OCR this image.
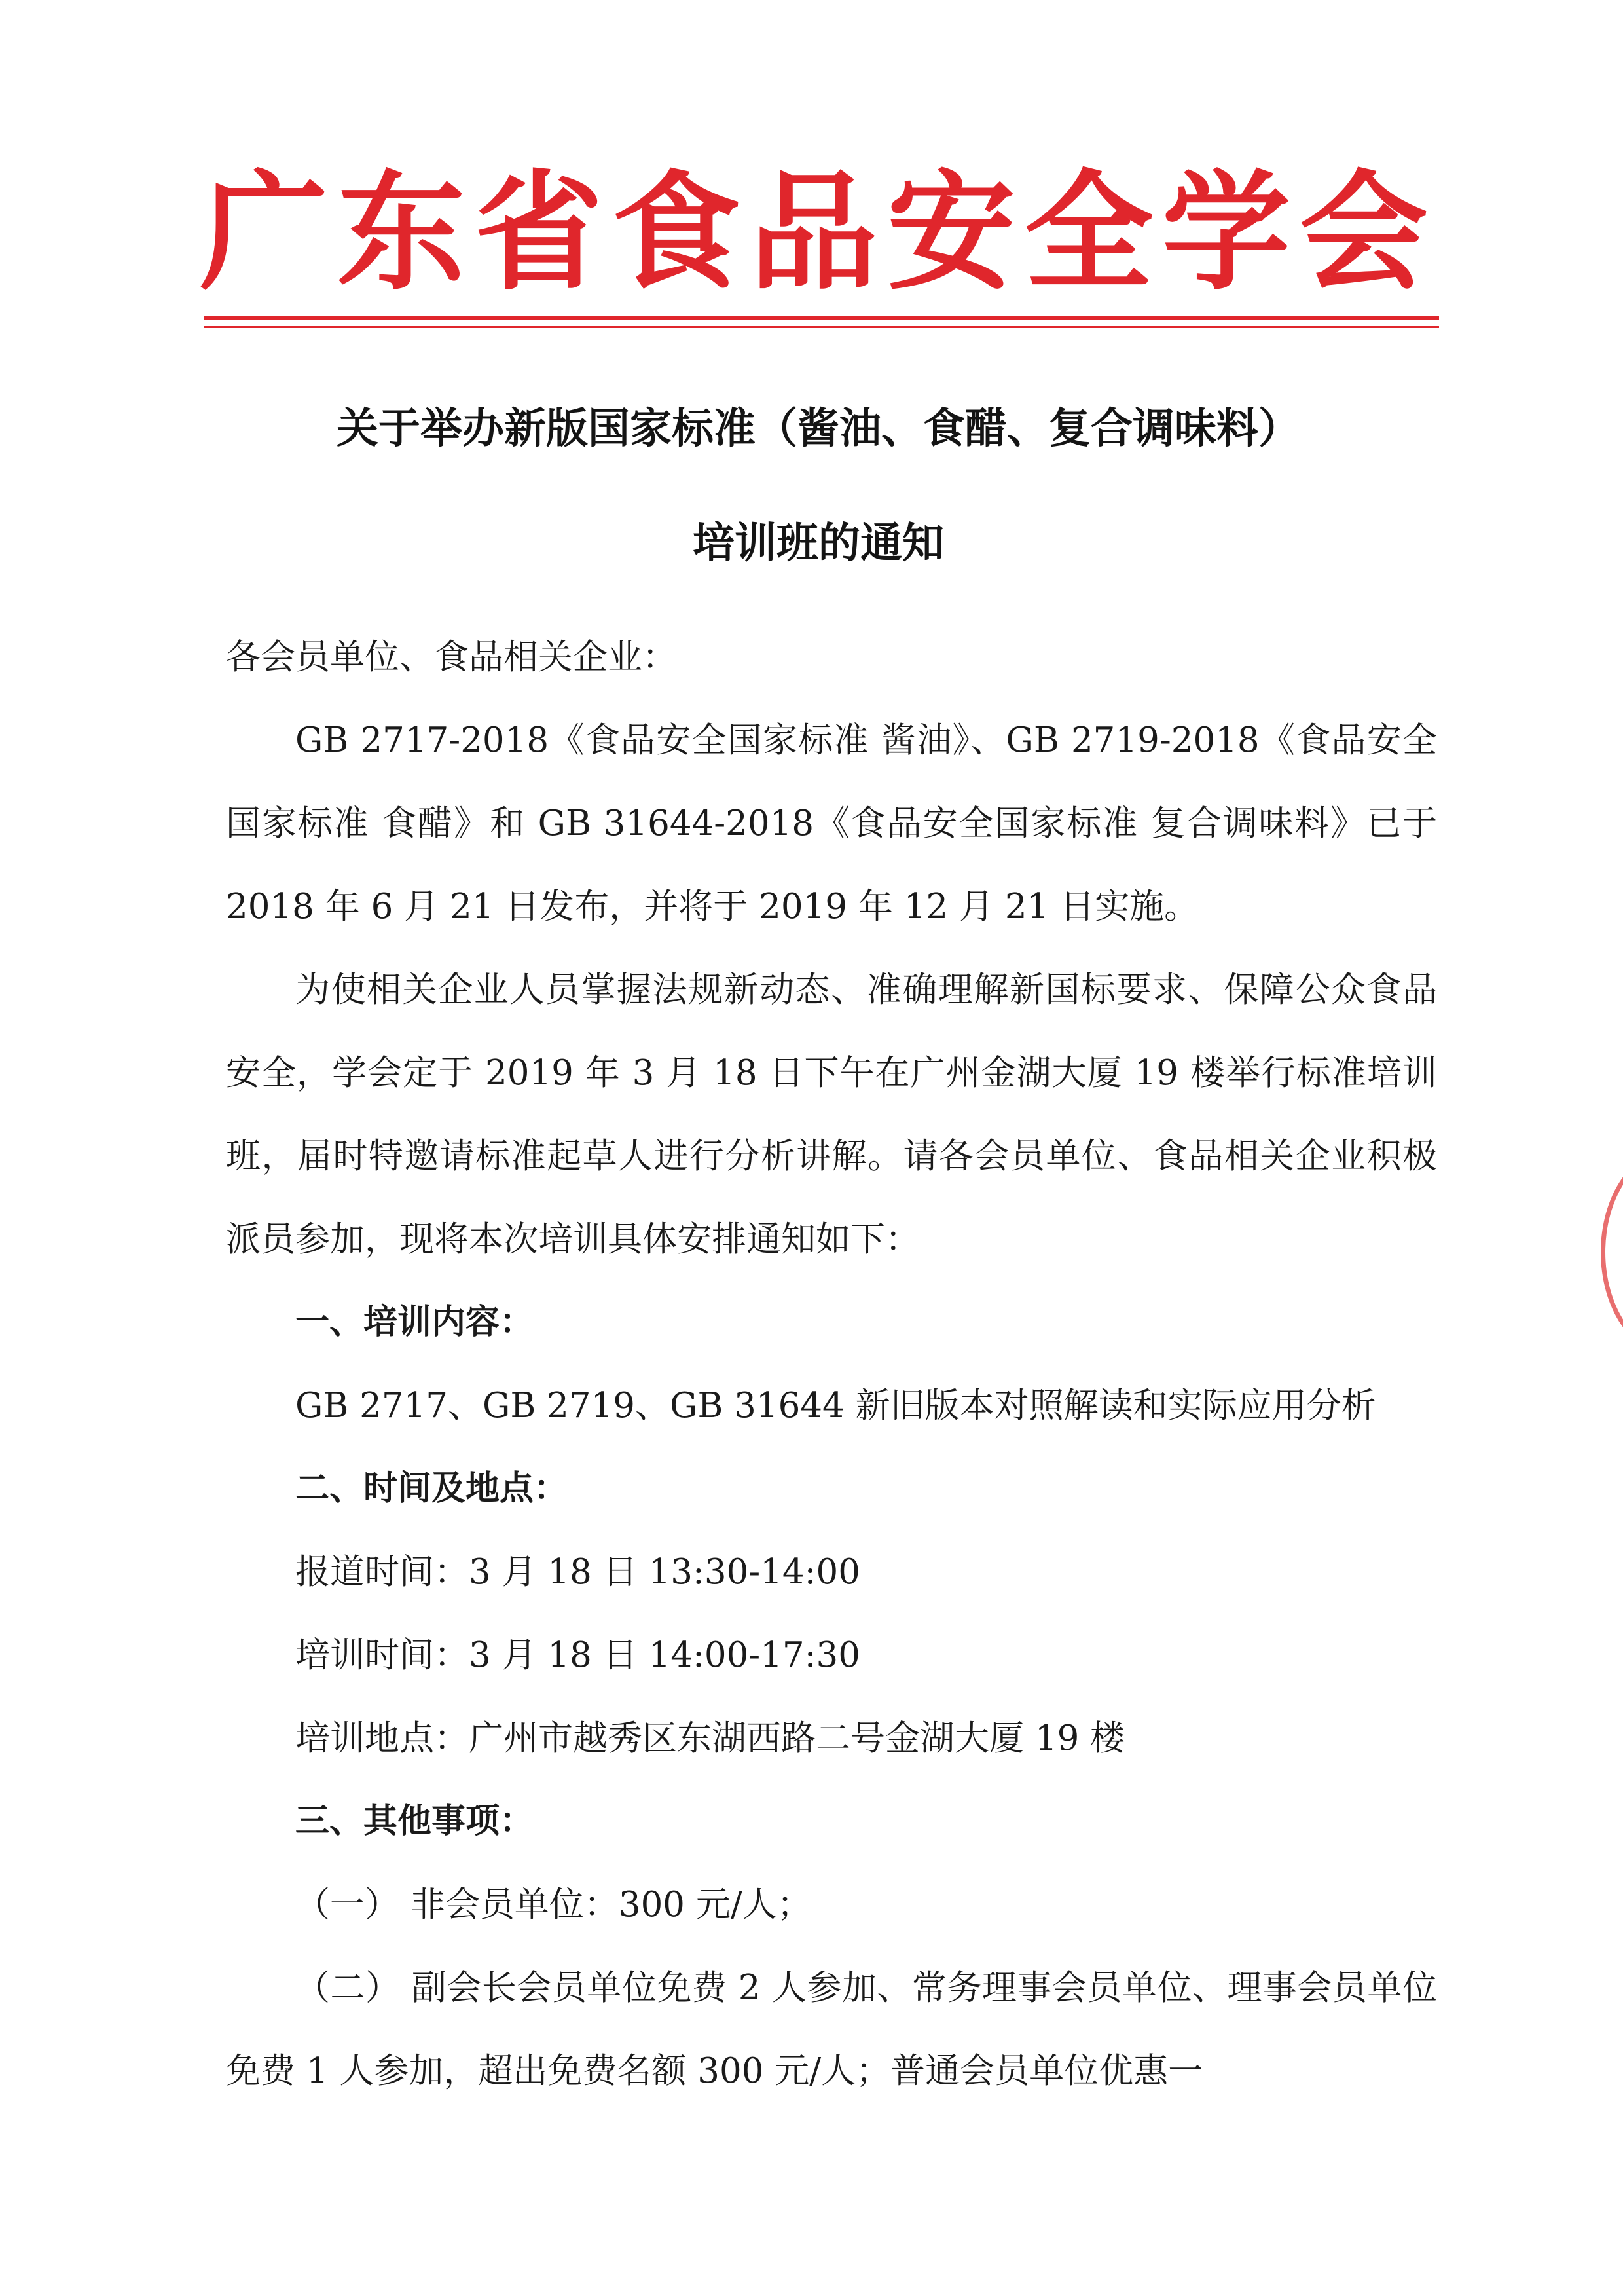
广东省食品安全学会
关于举办新版国家标准（酱油、食醋、复合调味料）
培训班的通知

各会员单位、食品相关企业：

GB 2717-2018《食品安全国家标准 酱油》、GB 2719-2018《食品安全国家标准 食醋》和 GB 31644-2018《食品安全国家标准 复合调味料》已于 2018 年 6 月 21 日发布，并将于 2019 年 12 月 21 日实施。

为使相关企业人员掌握法规新动态、准确理解新国标要求、保障公众食品安全，学会定于 2019 年 3 月 18 日下午在广州金湖大厦 19 楼举行标准培训班，届时特邀请标准起草人进行分析讲解。请各会员单位、食品相关企业积极派员参加，现将本次培训具体安排通知如下：

一、培训内容：

GB 2717、GB 2719、GB 31644 新旧版本对照解读和实际应用分析

二、时间及地点：

报道时间：3 月 18 日 13:30-14:00

培训时间：3 月 18 日 14:00-17:30

培训地点：广州市越秀区东湖西路二号金湖大厦 19 楼

三、其他事项：

（一） 非会员单位：300 元/人；

（二） 副会长会员单位免费 2 人参加、常务理事会员单位、理事会员单位免费 1 人参加，超出免费名额 300 元/人；普通会员单位优惠一
